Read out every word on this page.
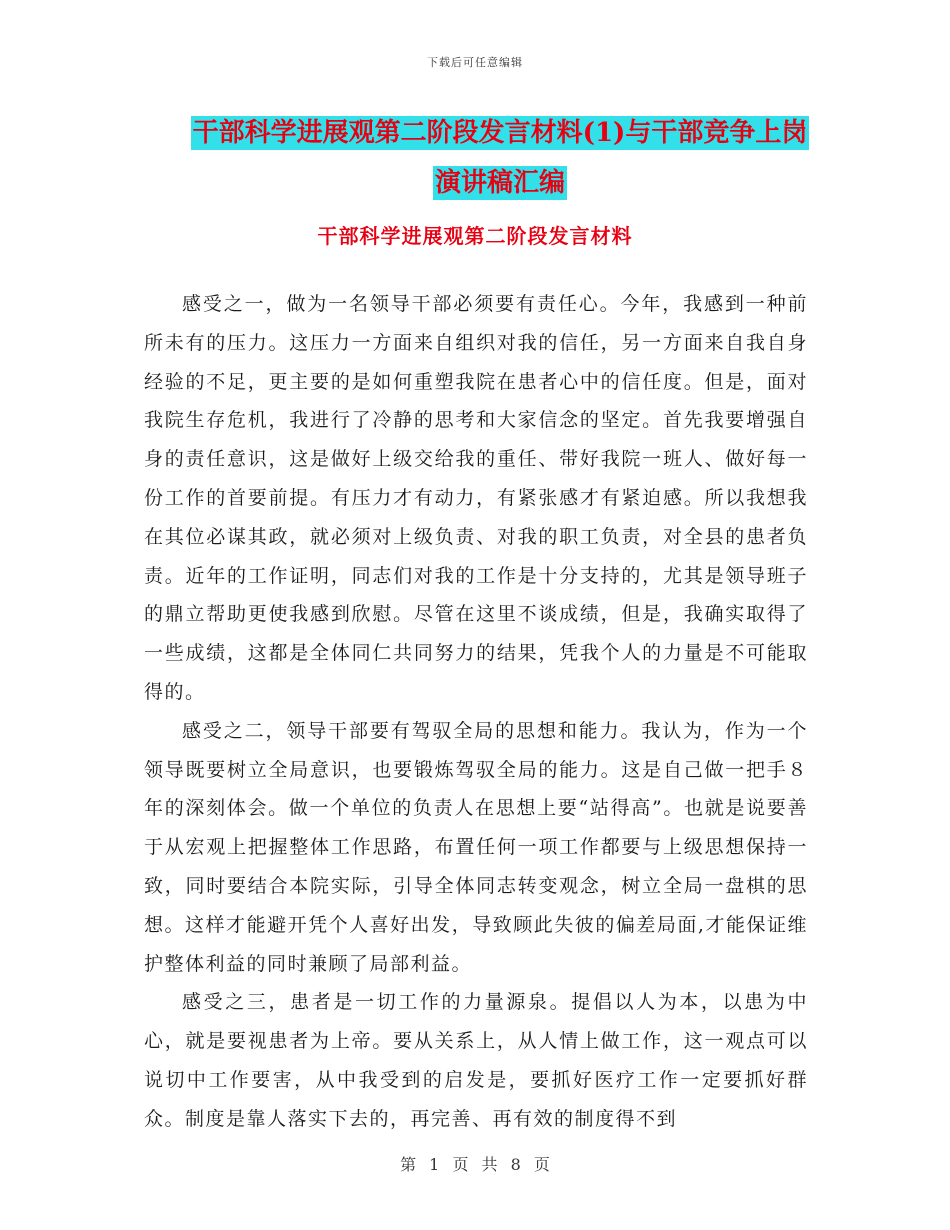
下载后可任意编辑
干部科学进展观第二阶段发言材料(1)与干部竞争上岗
演讲稿汇编
干部科学进展观第二阶段发言材料

感受之一，做为一名领导干部必须要有责任心。今年，我感到一种前所未有的压力。这压力一方面来自组织对我的信任，另一方面来自我自身经验的不足，更主要的是如何重塑我院在患者心中的信任度。但是，面对我院生存危机，我进行了冷静的思考和大家信念的坚定。首先我要增强自身的责任意识，这是做好上级交给我的重任、带好我院一班人、做好每一份工作的首要前提。有压力才有动力，有紧张感才有紧迫感。所以我想我在其位必谋其政，就必须对上级负责、对我的职工负责，对全县的患者负责。近年的工作证明，同志们对我的工作是十分支持的，尤其是领导班子的鼎立帮助更使我感到欣慰。尽管在这里不谈成绩，但是，我确实取得了一些成绩，这都是全体同仁共同努力的结果，凭我个人的力量是不可能取得的。

感受之二，领导干部要有驾驭全局的思想和能力。我认为，作为一个领导既要树立全局意识，也要锻炼驾驭全局的能力。这是自己做一把手８年的深刻体会。做一个单位的负责人在思想上要“站得高”。也就是说要善于从宏观上把握整体工作思路，布置任何一项工作都要与上级思想保持一致，同时要结合本院实际，引导全体同志转变观念，树立全局一盘棋的思想。这样才能避开凭个人喜好出发，导致顾此失彼的偏差局面,才能保证维护整体利益的同时兼顾了局部利益。

感受之三，患者是一切工作的力量源泉。提倡以人为本，以患为中心，就是要视患者为上帝。要从关系上，从人情上做工作，这一观点可以说切中工作要害，从中我受到的启发是，要抓好医疗工作一定要抓好群众。制度是靠人落实下去的，再完善、再有效的制度得不到

第 1 页 共 8 页
